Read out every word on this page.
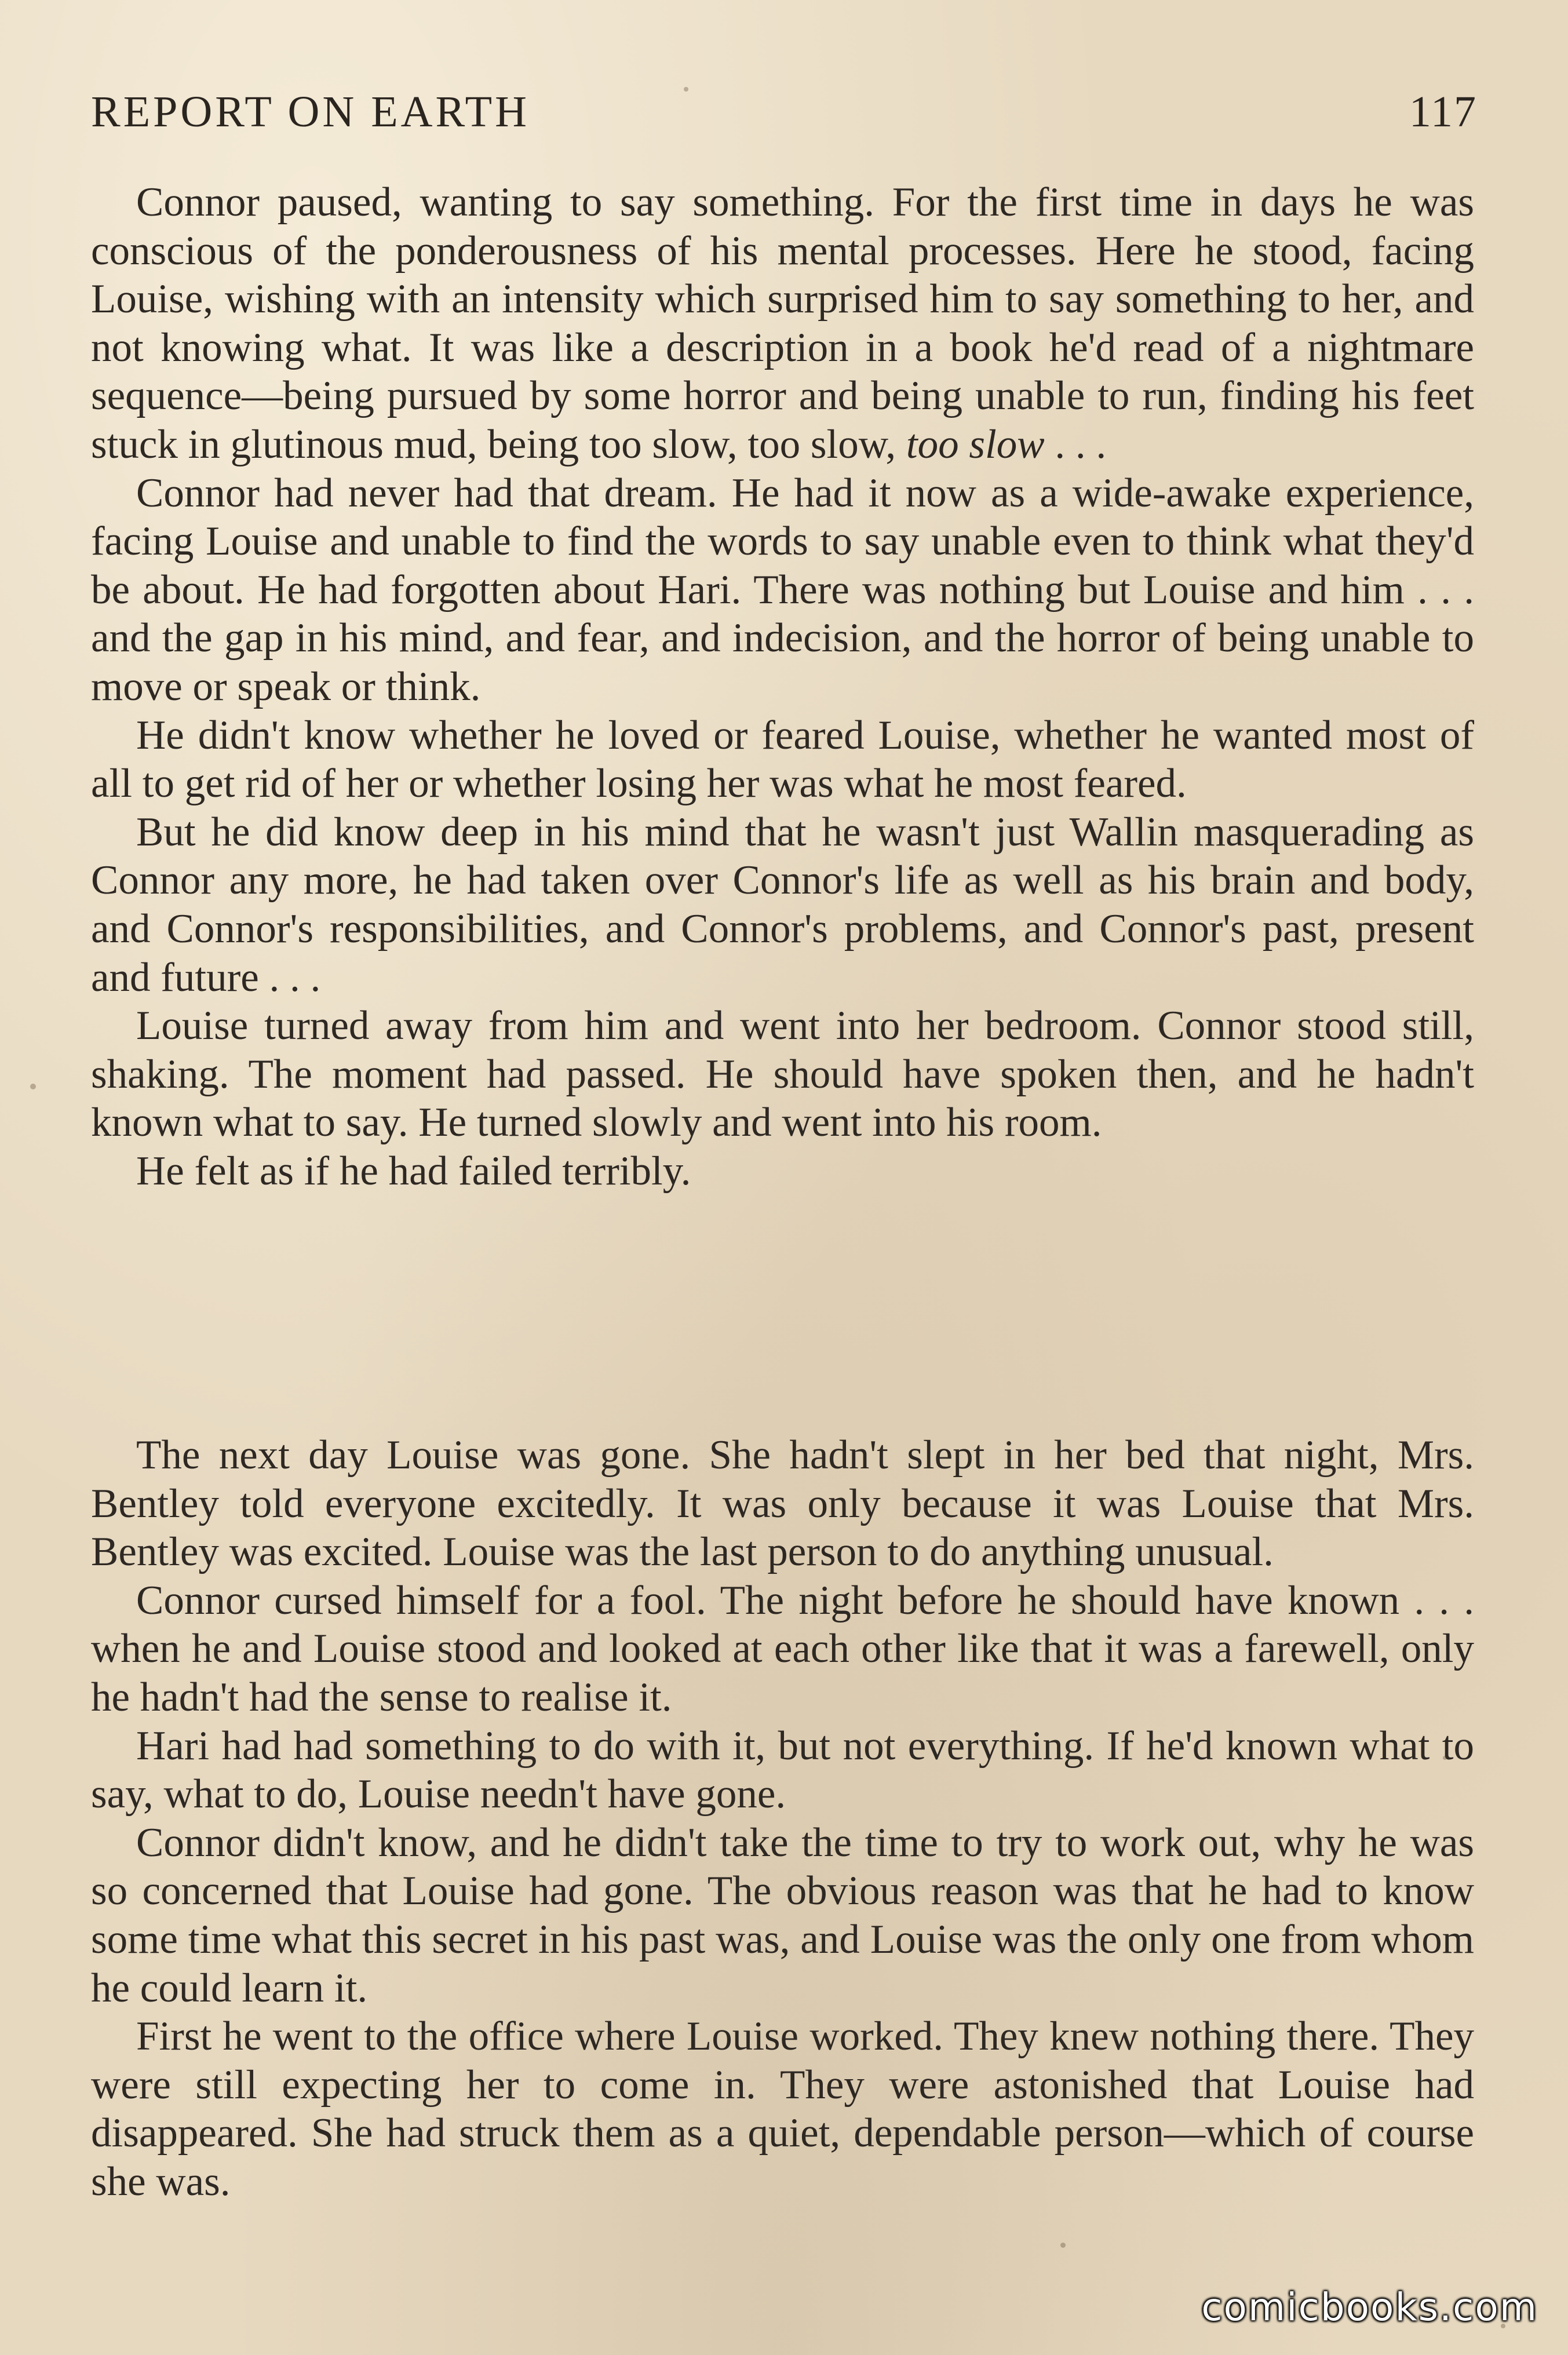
REPORT ON EARTH	117

Connor paused, wanting to say something. For the first time in days he was conscious of the ponderousness of his mental processes. Here he stood, facing Louise, wishing with an intensity which surprised him to say something to her, and not knowing what. It was like a description in a book he'd read of a nightmare sequence—being pursued by some horror and being unable to run, finding his feet stuck in glutinous mud, being too slow, too slow, too slow . . .

Connor had never had that dream. He had it now as a wide-awake experience, facing Louise and unable to find the words to say unable even to think what they'd be about. He had forgotten about Hari. There was nothing but Louise and him . . . and the gap in his mind, and fear, and indecision, and the horror of being unable to move or speak or think.

He didn't know whether he loved or feared Louise, whether he wanted most of all to get rid of her or whether losing her was what he most feared.

But he did know deep in his mind that he wasn't just Wallin masquerading as Connor any more, he had taken over Connor's life as well as his brain and body, and Connor's responsibilities, and Connor's problems, and Connor's past, present and future . . .

Louise turned away from him and went into her bedroom. Connor stood still, shaking. The moment had passed. He should have spoken then, and he hadn't known what to say. He turned slowly and went into his room.

He felt as if he had failed terribly.

The next day Louise was gone. She hadn't slept in her bed that night, Mrs. Bentley told everyone excitedly. It was only because it was Louise that Mrs. Bentley was excited. Louise was the last person to do anything unusual.

Connor cursed himself for a fool. The night before he should have known . . . when he and Louise stood and looked at each other like that it was a farewell, only he hadn't had the sense to realise it.

Hari had had something to do with it, but not everything. If he'd known what to say, what to do, Louise needn't have gone.

Connor didn't know, and he didn't take the time to try to work out, why he was so concerned that Louise had gone. The obvious reason was that he had to know some time what this secret in his past was, and Louise was the only one from whom he could learn it.

First he went to the office where Louise worked. They knew nothing there. They were still expecting her to come in. They were astonished that Louise had disappeared. She had struck them as a quiet, dependable person—which of course she was.

comicbooks.com
